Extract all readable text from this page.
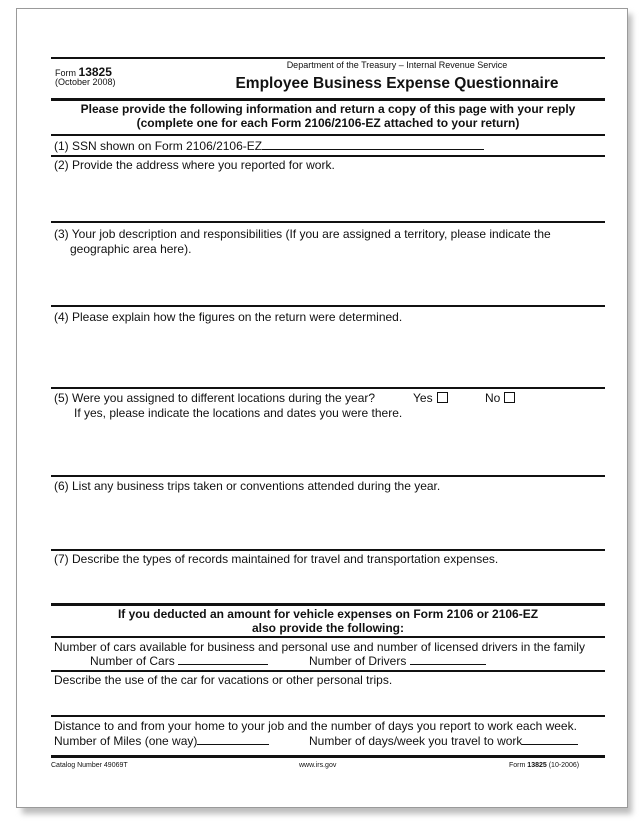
Form 13825
(October 2008)
Department of the Treasury – Internal Revenue Service
Employee Business Expense Questionnaire
Please provide the following information and return a copy of this page with your reply
(complete one for each Form 2106/2106-EZ attached to your return)
(1) SSN shown on Form 2106/2106-EZ
(2) Provide the address where you reported for work.
(3) Your job description and responsibilities (If you are assigned a territory, please indicate the
geographic area here).
(4) Please explain how the figures on the return were determined.
(5) Were you assigned to different locations during the year?	Yes	No
If yes, please indicate the locations and dates you were there.
(6) List any business trips taken or conventions attended during the year.
(7) Describe the types of records maintained for travel and transportation expenses.
If you deducted an amount for vehicle expenses on Form 2106 or 2106-EZ
also provide the following:
Number of cars available for business and personal use and number of licensed drivers in the family
Number of Cars	Number of Drivers
Describe the use of the car for vacations or other personal trips.
Distance to and from your home to your job and the number of days you report to work each week.
Number of Miles (one way)	Number of days/week you travel to work
Catalog Number 49069T	www.irs.gov	Form 13825 (10-2006)
